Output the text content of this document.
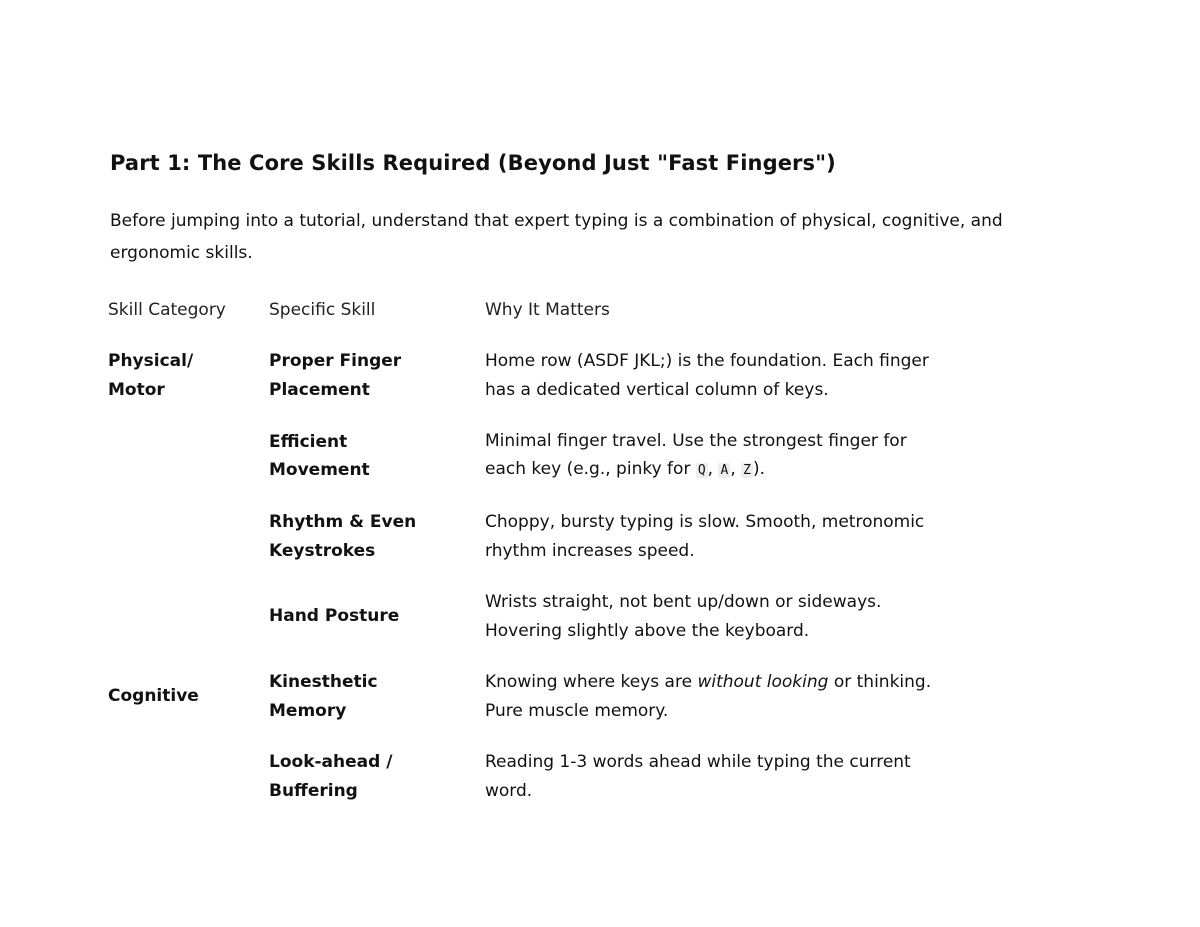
Part 1: The Core Skills Required (Beyond Just "Fast Fingers")

Before jumping into a tutorial, understand that expert typing is a combination of physical, cognitive, and ergonomic skills.

Skill Category	Specific Skill	Why It Matters

Physical/
Motor	Proper Finger
Placement	Home row (ASDF JKL;) is the foundation. Each finger
has a dedicated vertical column of keys.

	Efficient
Movement	Minimal finger travel. Use the strongest finger for
each key (e.g., pinky for Q , A , Z ).

	Rhythm & Even
Keystrokes	Choppy, bursty typing is slow. Smooth, metronomic
rhythm increases speed.

	Hand Posture	Wrists straight, not bent up/down or sideways.
Hovering slightly above the keyboard.

Cognitive	Kinesthetic
Memory	Knowing where keys are without looking or thinking.
Pure muscle memory.

	Look-ahead /
Buffering	Reading 1-3 words ahead while typing the current
word.
